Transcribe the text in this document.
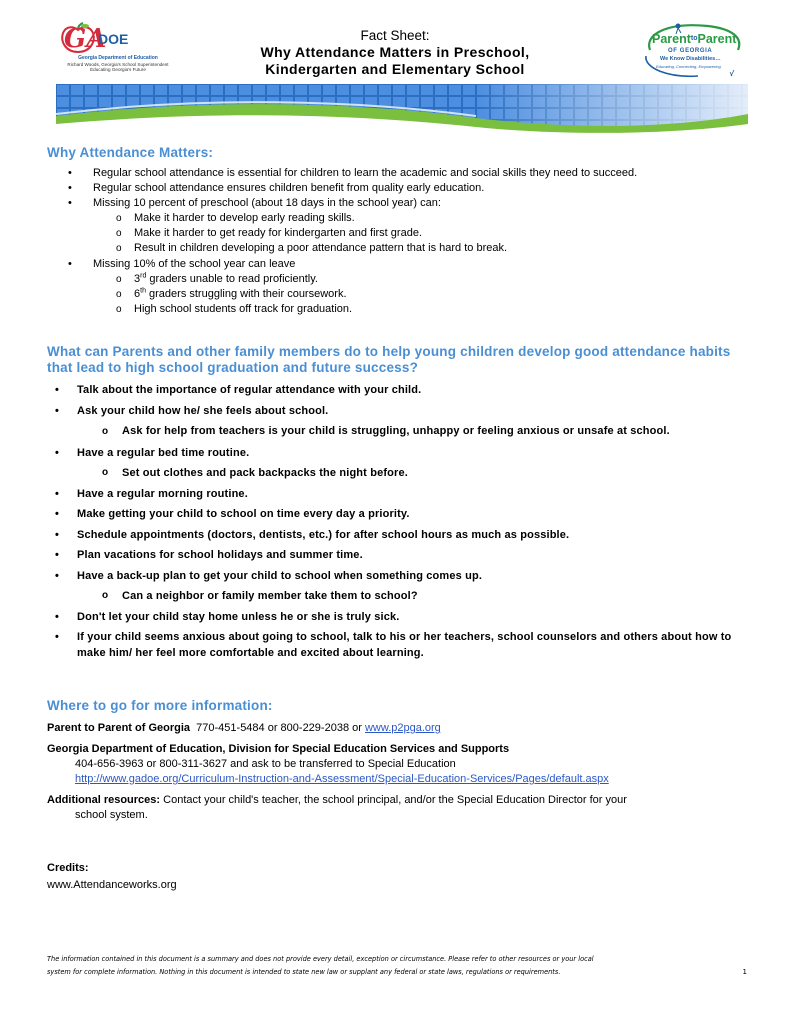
GA
DOE
Georgia Department of Education
Richard Woods, Georgia's School Superintendent
Educating Georgia's Future
Fact Sheet:
Why Attendance Matters in Preschool,
Kindergarten and Elementary School
Parent$^{to}$Parent
OF GEORGIA
We Know Disabilities…
Educating, Connecting, Empowering
Why Attendance Matters:
• Regular school attendance is essential for children to learn the academic and social skills they need to succeed.
• Regular school attendance ensures children benefit from quality early education.
• Missing 10 percent of preschool (about 18 days in the school year) can:
o Make it harder to develop early reading skills.
o Make it harder to get ready for kindergarten and first grade.
o Result in children developing a poor attendance pattern that is hard to break.
• Missing 10% of the school year can leave
o 3rd graders unable to read proficiently.
o 6th graders struggling with their coursework.
o High school students off track for graduation.
What can Parents and other family members do to help young children develop good attendance habits that lead to high school graduation and future success?
• Talk about the importance of regular attendance with your child.
• Ask your child how he/ she feels about school.
o Ask for help from teachers is your child is struggling, unhappy or feeling anxious or unsafe at school.
• Have a regular bed time routine.
o Set out clothes and pack backpacks the night before.
• Have a regular morning routine.
• Make getting your child to school on time every day a priority.
• Schedule appointments (doctors, dentists, etc.) for after school hours as much as possible.
• Plan vacations for school holidays and summer time.
• Have a back-up plan to get your child to school when something comes up.
o Can a neighbor or family member take them to school?
• Don't let your child stay home unless he or she is truly sick.
• If your child seems anxious about going to school, talk to his or her teachers, school counselors and others about how to make him/ her feel more comfortable and excited about learning.
Where to go for more information:

Parent to Parent of Georgia 770-451-5484 or 800-229-2038 or www.p2pga.org

Georgia Department of Education, Division for Special Education Services and Supports

404-656-3963 or 800-311-3627 and ask to be transferred to Special Education

http://www.gadoe.org/Curriculum-Instruction-and-Assessment/Special-Education-Services/Pages/default.aspx

Additional resources: Contact your child's teacher, the school principal, and/or the Special Education Director for your

school system.

Credits:
www.Attendanceworks.org
The information contained in this document is a summary and does not provide every detail, exception or circumstance. Please refer to other resources or your local
system for complete information. Nothing in this document is intended to state new law or supplant any federal or state laws, regulations or requirements.	1
